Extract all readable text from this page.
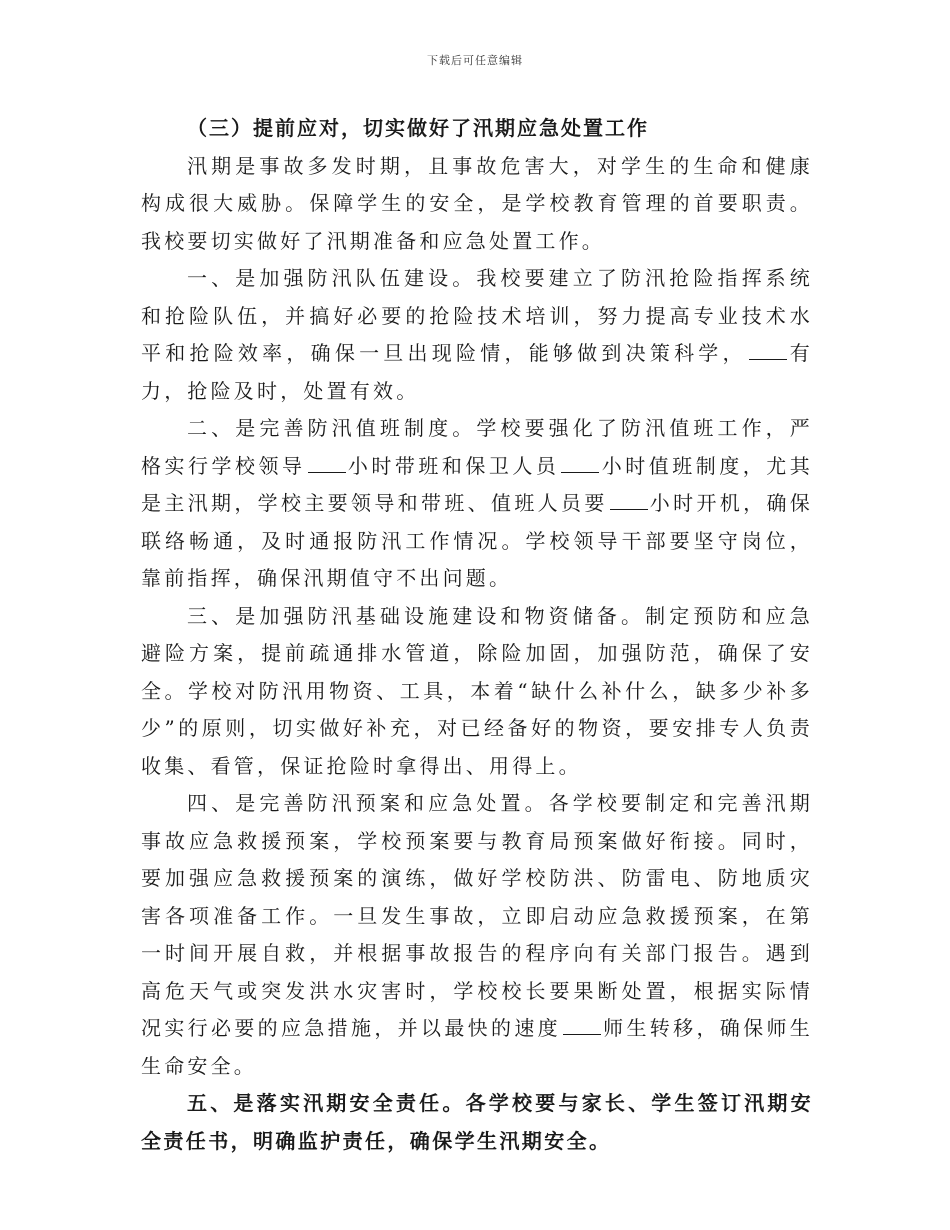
下载后可任意编辑

（三）提前应对，切实做好了汛期应急处置工作

汛期是事故多发时期，且事故危害大，对学生的生命和健康构成很大威胁。保障学生的安全，是学校教育管理的首要职责。我校要切实做好了汛期准备和应急处置工作。

一、是加强防汛队伍建设。我校要建立了防汛抢险指挥系统和抢险队伍，并搞好必要的抢险技术培训，努力提高专业技术水平和抢险效率，确保一旦出现险情，能够做到决策科学， 有力，抢险及时，处置有效。

二、是完善防汛值班制度。学校要强化了防汛值班工作，严格实行学校领导 小时带班和保卫人员 小时值班制度，尤其是主汛期，学校主要领导和带班、值班人员要 小时开机，确保联络畅通，及时通报防汛工作情况。学校领导干部要坚守岗位，靠前指挥，确保汛期值守不出问题。

三、是加强防汛基础设施建设和物资储备。制定预防和应急避险方案，提前疏通排水管道，除险加固，加强防范，确保了安全。学校对防汛用物资、工具，本着“缺什么补什么，缺多少补多少”的原则，切实做好补充，对已经备好的物资，要安排专人负责收集、看管，保证抢险时拿得出、用得上。

四、是完善防汛预案和应急处置。各学校要制定和完善汛期事故应急救援预案，学校预案要与教育局预案做好衔接。同时，要加强应急救援预案的演练，做好学校防洪、防雷电、防地质灾害各项准备工作。一旦发生事故，立即启动应急救援预案，在第一时间开展自救，并根据事故报告的程序向有关部门报告。遇到高危天气或突发洪水灾害时，学校校长要果断处置，根据实际情况实行必要的应急措施，并以最快的速度 师生转移，确保师生生命安全。

五、是落实汛期安全责任。各学校要与家长、学生签订汛期安全责任书，明确监护责任，确保学生汛期安全。
